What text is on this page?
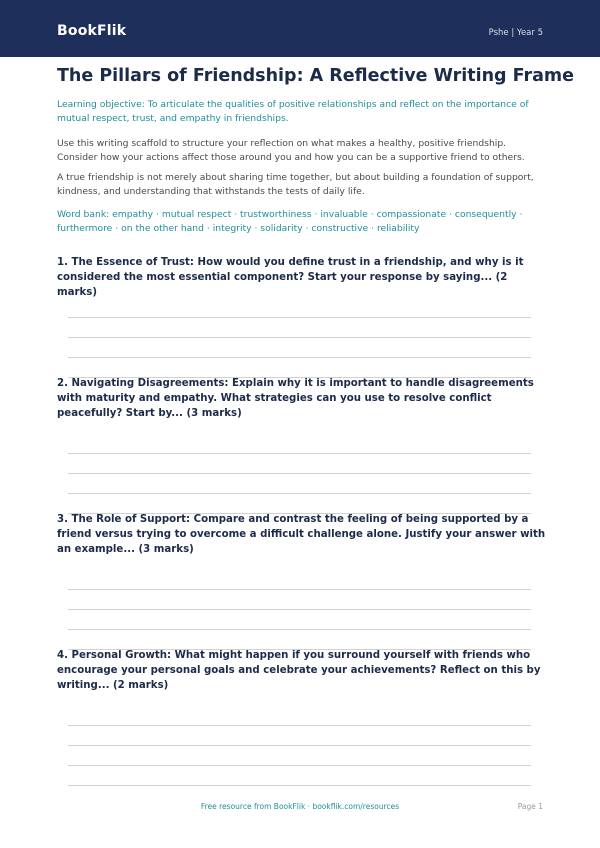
BookFlik	Pshe | Year 5
The Pillars of Friendship: A Reflective Writing Frame
Learning objective: To articulate the qualities of positive relationships and reflect on the importance of mutual respect, trust, and empathy in friendships.
Use this writing scaffold to structure your reflection on what makes a healthy, positive friendship. Consider how your actions affect those around you and how you can be a supportive friend to others.
A true friendship is not merely about sharing time together, but about building a foundation of support, kindness, and understanding that withstands the tests of daily life.
Word bank: empathy · mutual respect · trustworthiness · invaluable · compassionate · consequently · furthermore · on the other hand · integrity · solidarity · constructive · reliability
1. The Essence of Trust: How would you define trust in a friendship, and why is it considered the most essential component? Start your response by saying... (2 marks)
2. Navigating Disagreements: Explain why it is important to handle disagreements with maturity and empathy. What strategies can you use to resolve conflict peacefully? Start by... (3 marks)
3. The Role of Support: Compare and contrast the feeling of being supported by a friend versus trying to overcome a difficult challenge alone. Justify your answer with an example... (3 marks)
4. Personal Growth: What might happen if you surround yourself with friends who encourage your personal goals and celebrate your achievements? Reflect on this by writing... (2 marks)
Free resource from BookFlik · bookflik.com/resources	Page 1
